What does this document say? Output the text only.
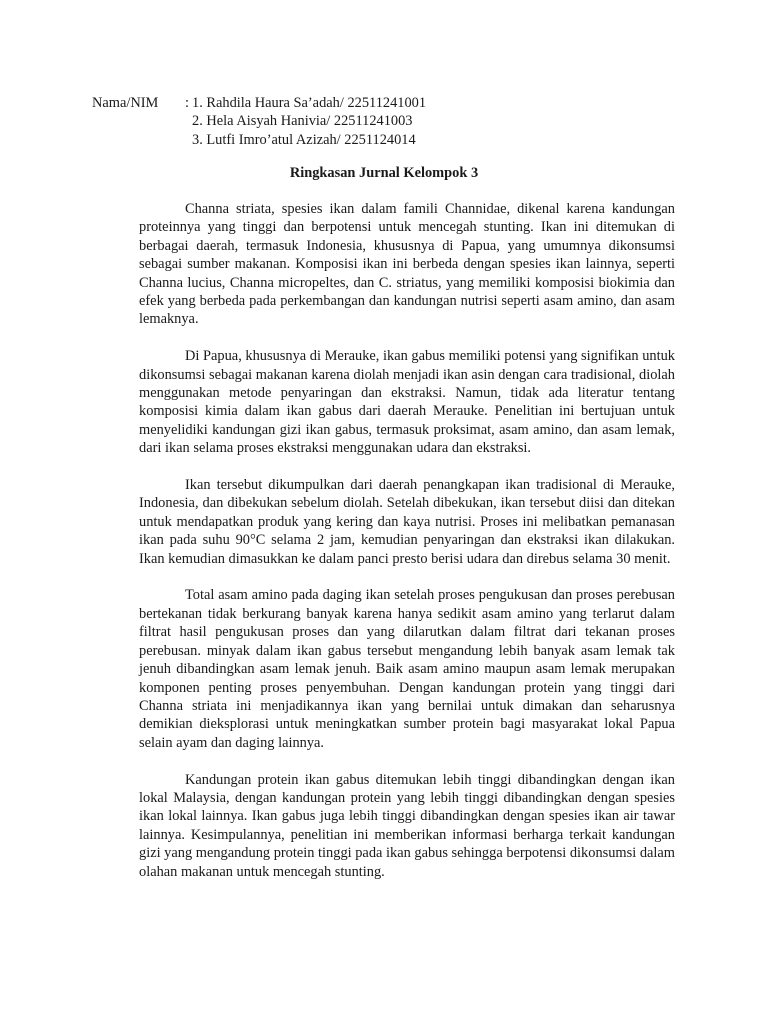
Nama/NIM	: 1. Rahdila Haura Sa’adah/ 22511241001
2. Hela Aisyah Hanivia/ 22511241003
3. Lutfi Imro’atul Azizah/ 2251124014
Ringkasan Jurnal Kelompok 3

Channa striata, spesies ikan dalam famili Channidae, dikenal karena kandungan proteinnya yang tinggi dan berpotensi untuk mencegah stunting. Ikan ini ditemukan di berbagai daerah, termasuk Indonesia, khususnya di Papua, yang umumnya dikonsumsi sebagai sumber makanan. Komposisi ikan ini berbeda dengan spesies ikan lainnya, seperti Channa lucius, Channa micropeltes, dan C. striatus, yang memiliki komposisi biokimia dan efek yang berbeda pada perkembangan dan kandungan nutrisi seperti asam amino, dan asam lemaknya.

Di Papua, khususnya di Merauke, ikan gabus memiliki potensi yang signifikan untuk dikonsumsi sebagai makanan karena diolah menjadi ikan asin dengan cara tradisional, diolah menggunakan metode penyaringan dan ekstraksi. Namun, tidak ada literatur tentang komposisi kimia dalam ikan gabus dari daerah Merauke. Penelitian ini bertujuan untuk menyelidiki kandungan gizi ikan gabus, termasuk proksimat, asam amino, dan asam lemak, dari ikan selama proses ekstraksi menggunakan udara dan ekstraksi.

Ikan tersebut dikumpulkan dari daerah penangkapan ikan tradisional di Merauke, Indonesia, dan dibekukan sebelum diolah. Setelah dibekukan, ikan tersebut diisi dan ditekan untuk mendapatkan produk yang kering dan kaya nutrisi. Proses ini melibatkan pemanasan ikan pada suhu 90°C selama 2 jam, kemudian penyaringan dan ekstraksi ikan dilakukan. Ikan kemudian dimasukkan ke dalam panci presto berisi udara dan direbus selama 30 menit.

Total asam amino pada daging ikan setelah proses pengukusan dan proses perebusan bertekanan tidak berkurang banyak karena hanya sedikit asam amino yang terlarut dalam filtrat hasil pengukusan proses dan yang dilarutkan dalam filtrat dari tekanan proses perebusan. minyak dalam ikan gabus tersebut mengandung lebih banyak asam lemak tak jenuh dibandingkan asam lemak jenuh. Baik asam amino maupun asam lemak merupakan komponen penting proses penyembuhan. Dengan kandungan protein yang tinggi dari Channa striata ini menjadikannya ikan yang bernilai untuk dimakan dan seharusnya demikian dieksplorasi untuk meningkatkan sumber protein bagi masyarakat lokal Papua selain ayam dan daging lainnya.

Kandungan protein ikan gabus ditemukan lebih tinggi dibandingkan dengan ikan lokal Malaysia, dengan kandungan protein yang lebih tinggi dibandingkan dengan spesies ikan lokal lainnya. Ikan gabus juga lebih tinggi dibandingkan dengan spesies ikan air tawar lainnya. Kesimpulannya, penelitian ini memberikan informasi berharga terkait kandungan gizi yang mengandung protein tinggi pada ikan gabus sehingga berpotensi dikonsumsi dalam olahan makanan untuk mencegah stunting.
